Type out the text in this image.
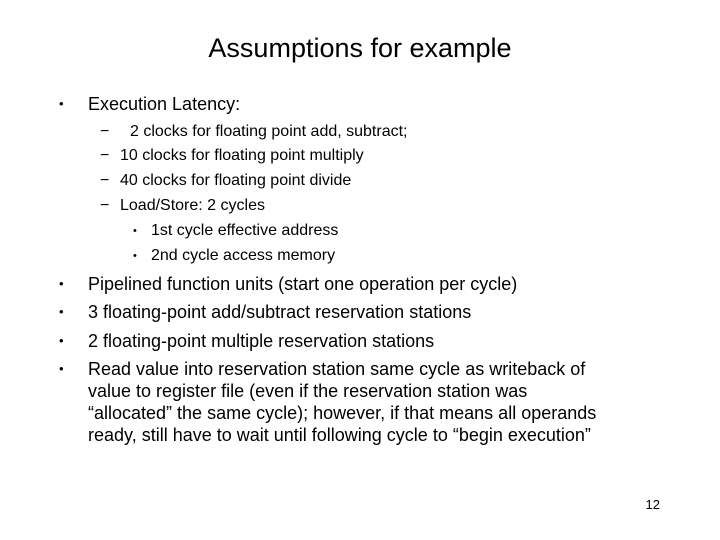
Assumptions for example
• Execution Latency:
− 2 clocks for floating point add, subtract;
− 10 clocks for floating point multiply
− 40 clocks for floating point divide
− Load/Store: 2 cycles
• 1st cycle effective address
• 2nd cycle access memory
• Pipelined function units (start one operation per cycle)
• 3 floating-point add/subtract reservation stations
• 2 floating-point multiple reservation stations
• Read value into reservation station same cycle as writeback of
value to register file (even if the reservation station was
“allocated” the same cycle); however, if that means all operands
ready, still have to wait until following cycle to “begin execution”
12
